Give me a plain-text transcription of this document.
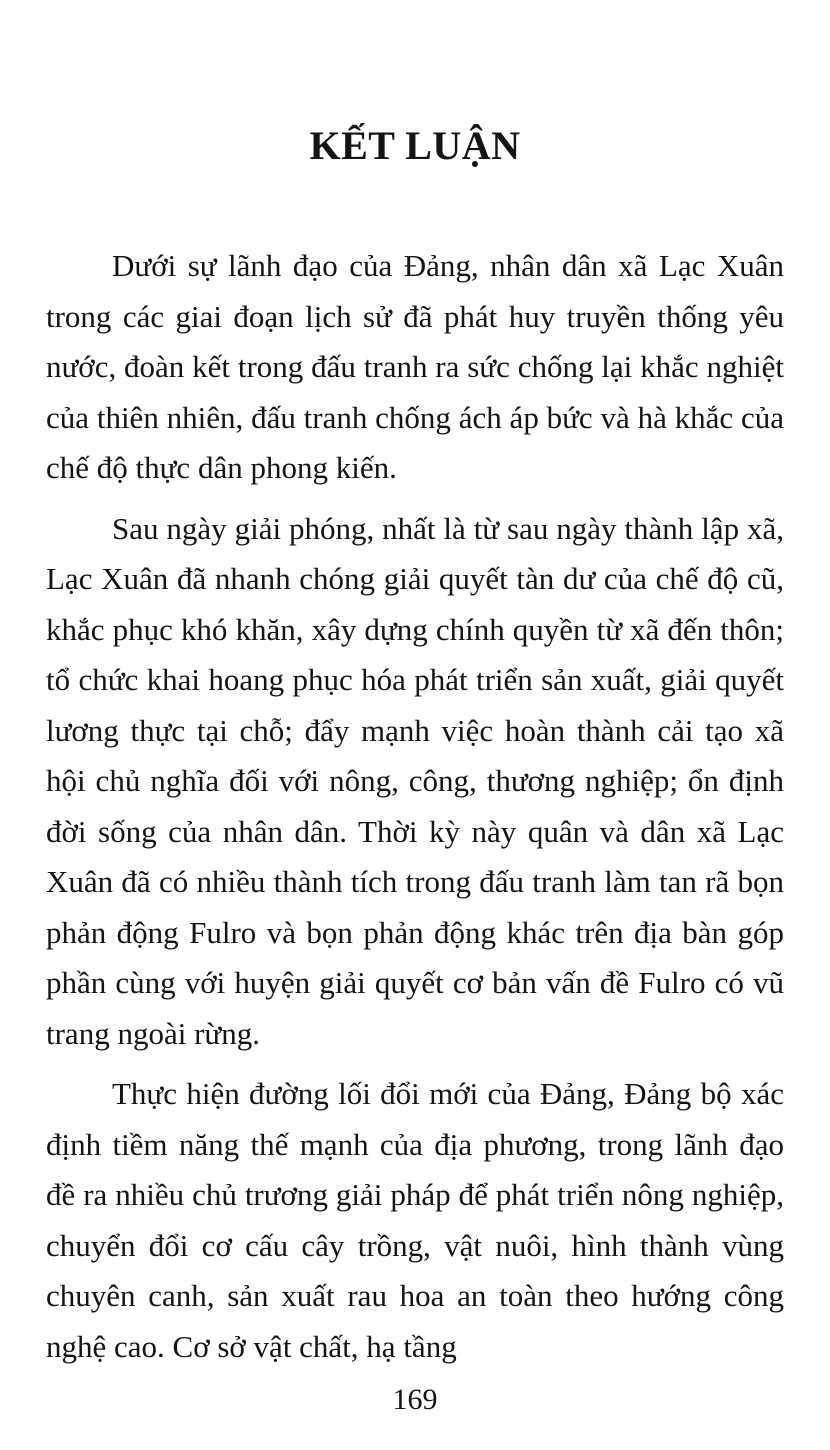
KẾT LUẬN

Dưới sự lãnh đạo của Đảng, nhân dân xã Lạc Xuân trong các giai đoạn lịch sử đã phát huy truyền thống yêu nước, đoàn kết trong đấu tranh ra sức chống lại khắc nghiệt của thiên nhiên, đấu tranh chống ách áp bức và hà khắc của chế độ thực dân phong kiến.

Sau ngày giải phóng, nhất là từ sau ngày thành lập xã, Lạc Xuân đã nhanh chóng giải quyết tàn dư của chế độ cũ, khắc phục khó khăn, xây dựng chính quyền từ xã đến thôn; tổ chức khai hoang phục hóa phát triển sản xuất, giải quyết lương thực tại chỗ; đẩy mạnh việc hoàn thành cải tạo xã hội chủ nghĩa đối với nông, công, thương nghiệp; ổn định đời sống của nhân dân. Thời kỳ này quân và dân xã Lạc Xuân đã có nhiều thành tích trong đấu tranh làm tan rã bọn phản động Fulro và bọn phản động khác trên địa bàn góp phần cùng với huyện giải quyết cơ bản vấn đề Fulro có vũ trang ngoài rừng.

Thực hiện đường lối đổi mới của Đảng, Đảng bộ xác định tiềm năng thế mạnh của địa phương, trong lãnh đạo đề ra nhiều chủ trương giải pháp để phát triển nông nghiệp, chuyển đổi cơ cấu cây trồng, vật nuôi, hình thành vùng chuyên canh, sản xuất rau hoa an toàn theo hướng công nghệ cao. Cơ sở vật chất, hạ tầng

169
